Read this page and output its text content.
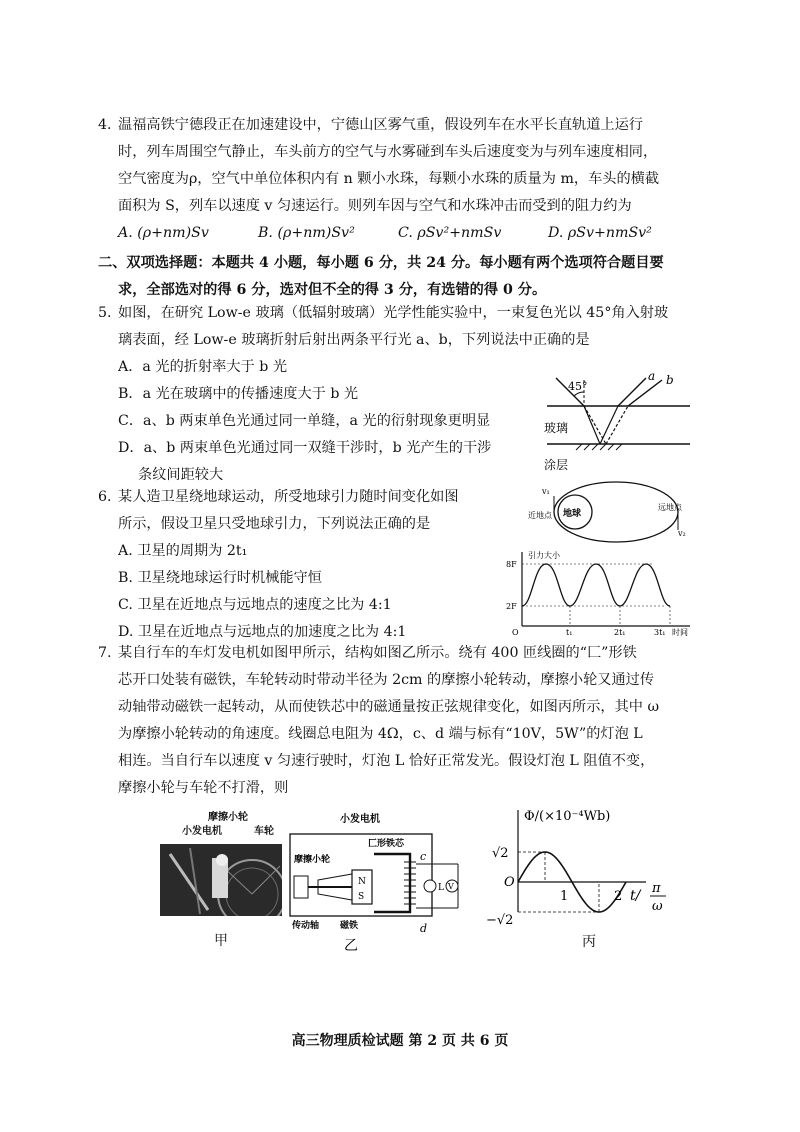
4. 温福高铁宁德段正在加速建设中，宁德山区雾气重，假设列车在水平长直轨道上运行

时，列车周围空气静止，车头前方的空气与水雾碰到车头后速度变为与列车速度相同，

空气密度为ρ，空气中单位体积内有 n 颗小水珠，每颗小水珠的质量为 m，车头的横截

面积为 S，列车以速度 v 匀速运行。则列车因与空气和水珠冲击而受到的阻力约为

A. (ρ+nm)Sv	B. (ρ+nm)Sv²	C. ρSv²+nmSv	D. ρSv+nmSv²

二、双项选择题：本题共 4 小题，每小题 6 分，共 24 分。每小题有两个选项符合题目要

求，全部选对的得 6 分，选对但不全的得 3 分，有选错的得 0 分。

5. 如图，在研究 Low-e 玻璃（低辐射玻璃）光学性能实验中，一束复色光以 45°角入射玻

璃表面，经 Low-e 玻璃折射后射出两条平行光 a、b，下列说法中正确的是

A．a 光的折射率大于 b 光

B．a 光在玻璃中的传播速度大于 b 光

C．a、b 两束单色光通过同一单缝，a 光的衍射现象更明显

D．a、b 两束单色光通过同一双缝干涉时，b 光产生的干涉

条纹间距较大

45°
a b
玻璃
涂层
6. 某人造卫星绕地球运动，所受地球引力随时间变化如图

所示，假设卫星只受地球引力，下列说法正确的是

A. 卫星的周期为 2t₁

B. 卫星绕地球运行时机械能守恒

C. 卫星在近地点与远地点的速度之比为 4:1

D. 卫星在近地点与远地点的加速度之比为 4:1

地球
v₁
近地点
远地点
v₂
引力大小
8F
2F
O	t₁	2t₁	3t₁ 时间
7. 某自行车的车灯发电机如图甲所示，结构如图乙所示。绕有 400 匝线圈的“匚”形铁

芯开口处装有磁铁，车轮转动时带动半径为 2cm 的摩擦小轮转动，摩擦小轮又通过传

动轴带动磁铁一起转动，从而使铁芯中的磁通量按正弦规律变化，如图丙所示，其中 ω

为摩擦小轮转动的角速度。线圈总电阻为 4Ω，c、d 端与标有“10V，5W”的灯泡 L

相连。当自行车以速度 v 匀速行驶时，灯泡 L 恰好正常发光。假设灯泡 L 阻值不变，

摩擦小轮与车轮不打滑，则

摩擦小轮
小发电机	车轮
甲
小发电机
摩擦小轮
匚形铁芯
N
S
c
d
L V
传动轴 磁铁
乙
Φ/(×10⁻⁴Wb)
√2
−√2
O
1	2 t/ π
ω
丙
高三物理质检试题 第 2 页 共 6 页
